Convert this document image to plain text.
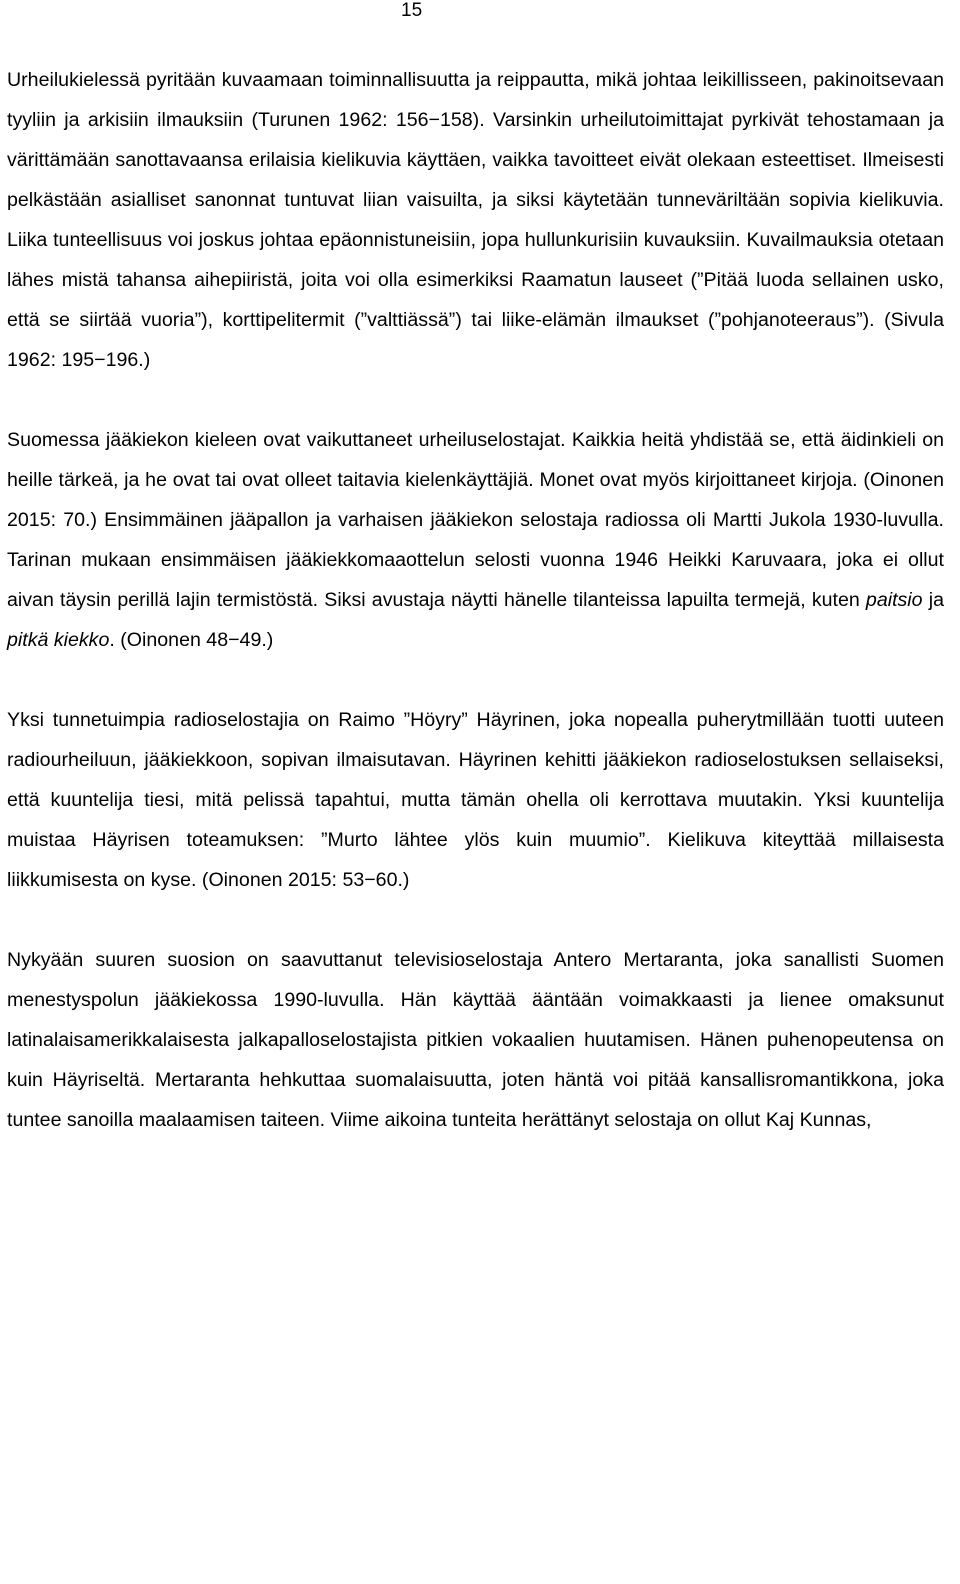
15

Urheilukielessä pyritään kuvaamaan toiminnallisuutta ja reippautta, mikä johtaa leikillisseen, pakinoitsevaan tyyliin ja arkisiin ilmauksiin (Turunen 1962: 156−158). Varsinkin urheilutoimittajat pyrkivät tehostamaan ja värittämään sanottavaansa erilaisia kielikuvia käyttäen, vaikka tavoitteet eivät olekaan esteettiset. Ilmeisesti pelkästään asialliset sanonnat tuntuvat liian vaisuilta, ja siksi käytetään tunneväriltään sopivia kielikuvia. Liika tunteellisuus voi joskus johtaa epäonnistuneisiin, jopa hullunkurisiin kuvauksiin. Kuvailmauksia otetaan lähes mistä tahansa aihepiiristä, joita voi olla esimerkiksi Raamatun lauseet (”Pitää luoda sellainen usko, että se siirtää vuoria”), korttipelitermit (”valttiässä”) tai liike-elämän ilmaukset (”pohjanoteeraus”). (Sivula 1962: 195−196.)

Suomessa jääkiekon kieleen ovat vaikuttaneet urheiluselostajat. Kaikkia heitä yhdistää se, että äidinkieli on heille tärkeä, ja he ovat tai ovat olleet taitavia kielenkäyttäjiä. Monet ovat myös kirjoittaneet kirjoja. (Oinonen 2015: 70.) Ensimmäinen jääpallon ja varhaisen jääkiekon selostaja radiossa oli Martti Jukola 1930-luvulla. Tarinan mukaan ensimmäisen jääkiekkomaaottelun selosti vuonna 1946 Heikki Karuvaara, joka ei ollut aivan täysin perillä lajin termistöstä. Siksi avustaja näytti hänelle tilanteissa lapuilta termejä, kuten paitsio ja pitkä kiekko. (Oinonen 48−49.)

Yksi tunnetuimpia radioselostajia on Raimo ”Höyry” Häyrinen, joka nopealla puherytmillään tuotti uuteen radiourheiluun, jääkiekkoon, sopivan ilmaisutavan. Häyrinen kehitti jääkiekon radioselostuksen sellaiseksi, että kuuntelija tiesi, mitä pelissä tapahtui, mutta tämän ohella oli kerrottava muutakin. Yksi kuuntelija muistaa Häyrisen toteamuksen: ”Murto lähtee ylös kuin muumio”. Kielikuva kiteyttää millaisesta liikkumisesta on kyse. (Oinonen 2015: 53−60.)

Nykyään suuren suosion on saavuttanut televisioselostaja Antero Mertaranta, joka sanallisti Suomen menestyspolun jääkiekossa 1990-luvulla. Hän käyttää ääntään voimakkaasti ja lienee omaksunut latinalaisamerikkalaisesta jalkapalloselostajista pitkien vokaalien huutamisen. Hänen puhenopeutensa on kuin Häyriseltä. Mertaranta hehkuttaa suomalaisuutta, joten häntä voi pitää kansallisromantikkona, joka tuntee sanoilla maalaamisen taiteen. Viime aikoina tunteita herättänyt selostaja on ollut Kaj Kunnas,
